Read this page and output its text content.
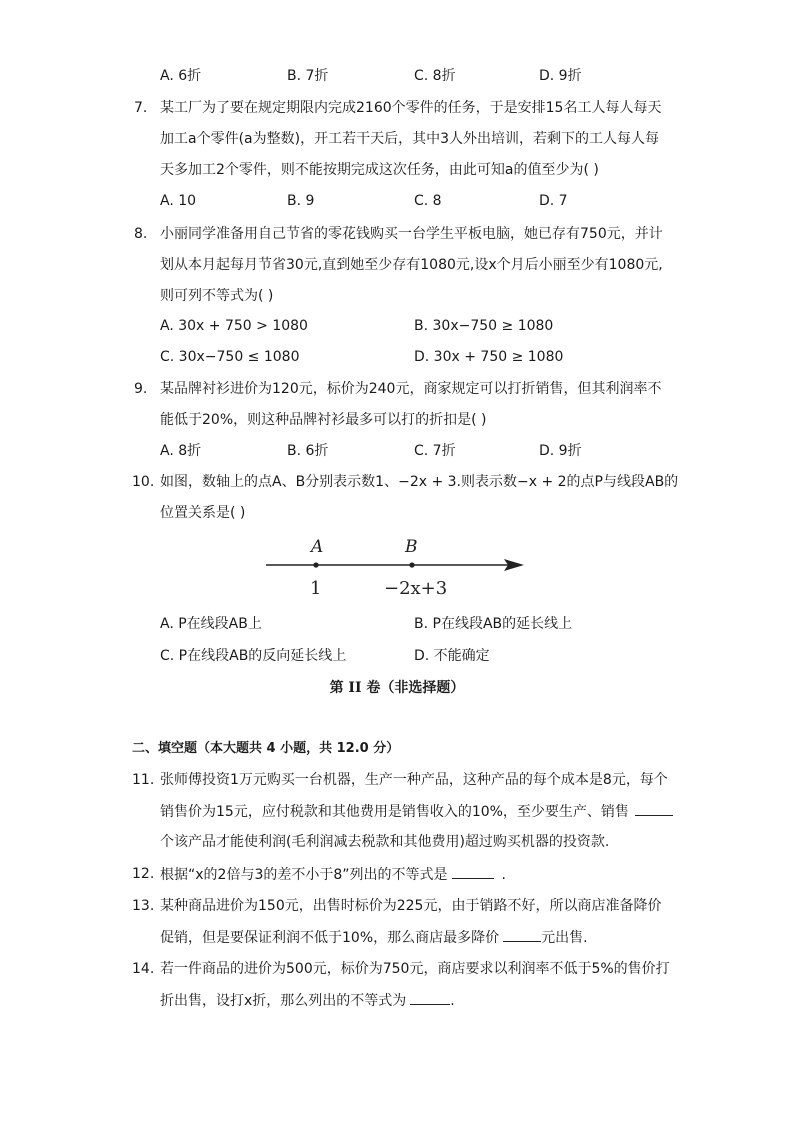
A. 6折	B. 7折	C. 8折	D. 9折
7. 某工厂为了要在规定期限内完成2160个零件的任务，于是安排15名工人每人每天
加工a个零件(a为整数)，开工若干天后，其中3人外出培训，若剩下的工人每人每
天多加工2个零件，则不能按期完成这次任务，由此可知a的值至少为( )
A. 10	B. 9	C. 8	D. 7
8. 小丽同学准备用自己节省的零花钱购买一台学生平板电脑，她已存有750元，并计
划从本月起每月节省30元,直到她至少存有1080元,设x个月后小丽至少有1080元,
则可列不等式为( )
A. 30x + 750 > 1080	B. 30x−750 ≥ 1080
C. 30x−750 ≤ 1080	D. 30x + 750 ≥ 1080
9. 某品牌衬衫进价为120元，标价为240元，商家规定可以打折销售，但其利润率不
能低于20%，则这种品牌衬衫最多可以打的折扣是( )
A. 8折	B. 6折	C. 7折	D. 9折
10. 如图，数轴上的点A、B分别表示数1、−2x + 3.则表示数−x + 2的点P与线段AB的
位置关系是( )
A	B
1	−2x+3
A. P在线段AB上	B. P在线段AB的延长线上
C. P在线段AB的反向延长线上	D. 不能确定
第 II 卷（非选择题）
二、填空题（本大题共 4 小题，共 12.0 分）
11. 张师傅投资1万元购买一台机器，生产一种产品，这种产品的每个成本是8元，每个
销售价为15元，应付税款和其他费用是销售收入的10%，至少要生产、销售
个该产品才能使利润(毛利润减去税款和其他费用)超过购买机器的投资款.
12. 根据“x的2倍与3的差不小于8”列出的不等式是	.
13. 某种商品进价为150元，出售时标价为225元，由于销路不好，所以商店准备降价
促销，但是要保证利润不低于10%，那么商店最多降价	元出售.
14. 若一件商品的进价为500元，标价为750元，商店要求以利润率不低于5%的售价打
折出售，设打x折，那么列出的不等式为	.
